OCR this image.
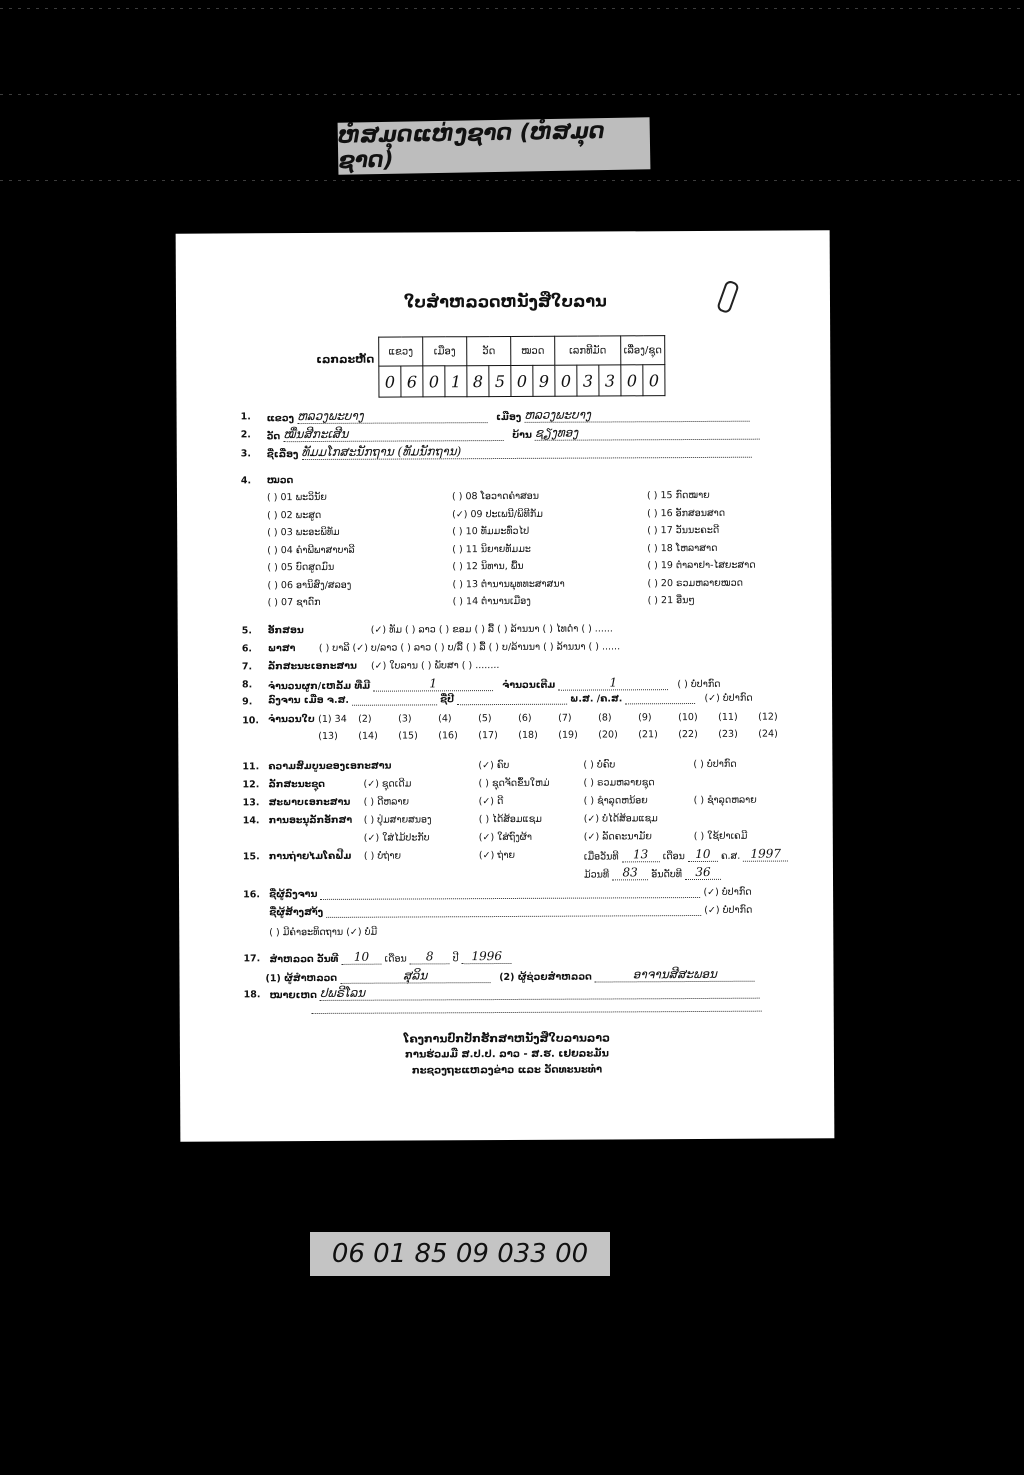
ຫໍສມຸດແຫ່ງຊາດ (ຫໍສມຸດຊາດ)
ໃບສຳຫລວດຫນັງສືໃບລານ
ເລກລະຫັດ
ແຂວງ		ເມືອງ		ວັດ		ໝວດ		ເລກທີມັດ			ເລື່ອງ/ຊຸດ	
0	6	0	1	8	5	0	9	0	3	3	0	0
1. ແຂວງ ຫລວງພະບາງ	ເມືອງ ຫລວງພະບາງ
2. ວັດ ໝື່ນສີກະເສີນ	ບ້ານ ຊຽງທອງ
3. ຊື່ເລື່ອງ ທັມມໂກສະນັກຖານ (ທັມນັກຖານ)
4. ໝວດ
( ) 01 ພະວິນັຍ
( ) 02 ພະສູດ
( ) 03 ພະອະພິທັມ
( ) 04 ຄຳພີພາສາບາລີ
( ) 05 ບົດສູດມົນ
( ) 06 ອານິສົງ/ສລອງ
( ) 07 ຊາດົກ
( ) 08 ໂອວາດຄຳສອນ
(✓) 09 ປະເພນີ/ພິທີກັມ
( ) 10 ທັມມະທົ່ວໄປ
( ) 11 ນິຍາຍທັມມະ
( ) 12 ນິທານ, ພື້ນ
( ) 13 ຕຳນານພຸທທະສາສນາ
( ) 14 ຕຳນານເມືອງ
( ) 15 ກົດໝາຍ
( ) 16 ອັກສອນສາດ
( ) 17 ວັນນະຄະດີ
( ) 18 ໂຫລາສາດ
( ) 19 ຕຳລາຢາ-ໄສຍະສາດ
( ) 20 ຣວມຫລາຍໝວດ
( ) 21 ອື່ນໆ
5. ອັກສອນ	(✓) ທັມ ( ) ລາວ ( ) ຂອມ ( ) ລື້ ( ) ລ້ານນາ ( ) ໄທດຳ ( ) ......
6. ພາສາ ( ) ບາລີ (✓) ບ/ລາວ ( ) ລາວ ( ) ບ/ລື້ ( ) ລື້ ( ) ບ/ລ້ານນາ ( ) ລ້ານນາ ( ) ......
7. ລັກສະນະເອກະສານ (✓) ໃບລານ ( ) ພັບສາ ( ) ........
8. ຈຳນວນຜູກ/ເຫລັ້ມ ທີ່ມີ	1	ຈຳນວນເຕີມ	1	( ) ບໍ່ປາກົດ
9. ລົງຈານ ເມື່ອ ຈ.ສ.	ຊື່ປີ	ພ.ສ. /ຄ.ສ.	(✓) ບໍ່ປາກົດ
10. ຈຳນວນໃບ (1) 34 (2)	(3)	(4)	(5)	(6)	(7)	(8)	(9)	(10) (11) (12)
(13) (14) (15) (16) (17) (18) (19) (20) (21) (22) (23) (24)
11. ຄວາມສົມບູນຂອງເອກະສານ	(✓) ຄົບ	( ) ບໍ່ຄົບ	( ) ບໍ່ປາກົດ
12. ລັກສະນະຊຸດ	(✓) ຊຸດເດີມ	( ) ຊຸດຈັດຂຶ້ນໃຫມ່	( ) ຣວມຫລາຍຊຸດ
13. ສະພາບເອກະສານ ( ) ດີຫລາຍ	(✓) ດີ	( ) ຊຳລຸດຫນ້ອຍ	( ) ຊຳລຸດຫລາຍ
14. ການອະນຸລັກອັກສາ ( ) ປຸ່ມສາຍສນອງ	( ) ໄດ້ສ້ອມແຊມ	(✓) ບໍ່ໄດ້ສ້ອມແຊມ
(✓) ໃສ່ໄມ້ປະກັບ	(✓) ໃສ່ຖົງຜ້າ	(✓) ລັດຄະນາມັຍ	( ) ໃຊ້ຢາເຄມີ
15. ການຖ່າຍໄມໂຄຟີມ ( ) ບໍ່ຖ່າຍ	(✓) ຖ່າຍ	ເມື່ອວັນທີ 13 ເດືອນ 10 ຄ.ສ. 1997
ມ້ວນທີ 83 ອັນດັບທີ 36
16. ຊື່ຜູ້ລົງຈານ	(✓) ບໍ່ປາກົດ
ຊື່ຜູ້ສ້າງສາ້ງ	(✓) ບໍ່ປາກົດ
( ) ມີຄຳອະທິດຖານ (✓) ບໍ່ມີ
17. ສຳຫລວດ ວັນທີ 10 ເດືອນ 8 ປີ 1996
(1) ຜູ້ສຳຫລວດ	ສຸລິນ	(2) ຜູ້ຊ່ວຍສຳຫລວດ	ອາຈານສີສະພອນ
18. ໝາຍເຫດ ປພຣີໂລນ
ໂຄງການປົກປັກຮັກສາຫນັງສືໃບລານລາວ
ການຮ່ວມມື ສ.ປ.ປ. ລາວ - ສ.ຮ. ເຢຍລະມັນ
ກະຊວງຖະແຫລງຂ່າວ ແລະ ວັດທະນະທຳ
06 01 85 09 033 00
